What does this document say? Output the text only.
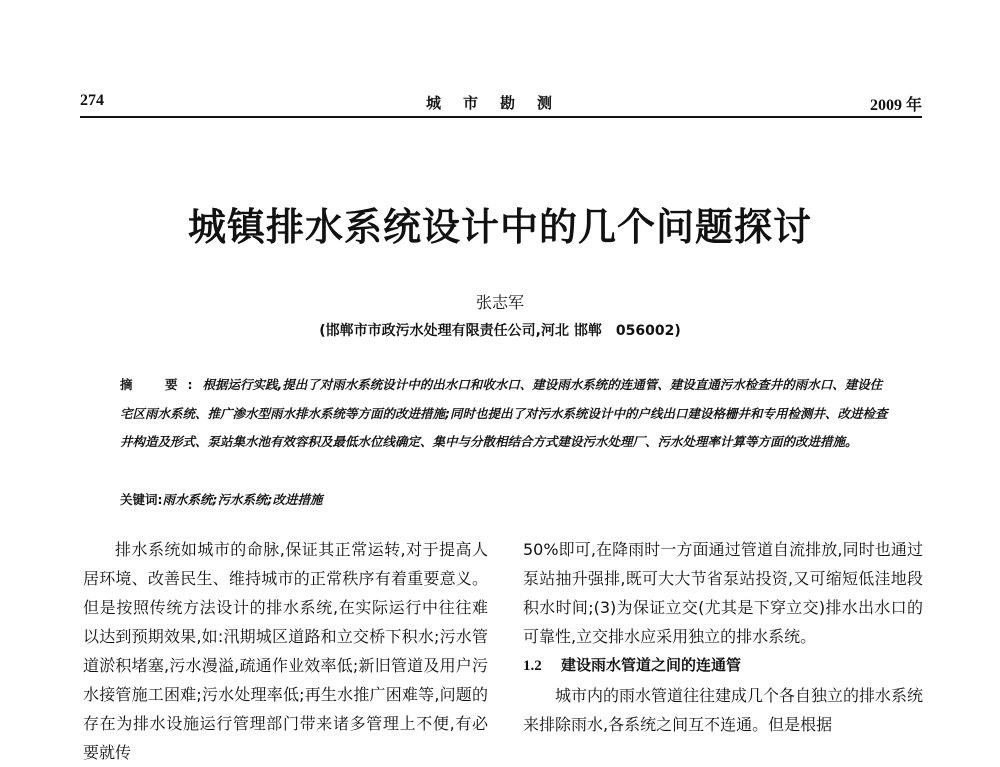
274	城市勘测	2009 年
城镇排水系统设计中的几个问题探讨
张志军
(邯郸市市政污水处理有限责任公司,河北 邯郸　056002)
摘　要:根据运行实践,提出了对雨水系统设计中的出水口和收水口、建设雨水系统的连通管、建设直通污水检查井的雨水口、建设住宅区雨水系统、推广渗水型雨水排水系统等方面的改进措施;同时也提出了对污水系统设计中的户线出口建设格栅井和专用检测井、改进检查井构造及形式、泵站集水池有效容积及最低水位线确定、集中与分散相结合方式建设污水处理厂、污水处理率计算等方面的改进措施。
关键词:雨水系统;污水系统;改进措施

排水系统如城市的命脉,保证其正常运转,对于提高人居环境、改善民生、维持城市的正常秩序有着重要意义。但是按照传统方法设计的排水系统,在实际运行中往往难以达到预期效果,如:汛期城区道路和立交桥下积水;污水管道淤积堵塞,污水漫溢,疏通作业效率低;新旧管道及用户污水接管施工困难;污水处理率低;再生水推广困难等,问题的存在为排水设施运行管理部门带来诸多管理上不便,有必要就传

50%即可,在降雨时一方面通过管道自流排放,同时也通过泵站抽升强排,既可大大节省泵站投资,又可缩短低洼地段积水时间;(3)为保证立交(尤其是下穿立交)排水出水口的可靠性,立交排水应采用独立的排水系统。

1.2 建设雨水管道之间的连通管

城市内的雨水管道往往建成几个各自独立的排水系统来排除雨水,各系统之间互不连通。但是根据
